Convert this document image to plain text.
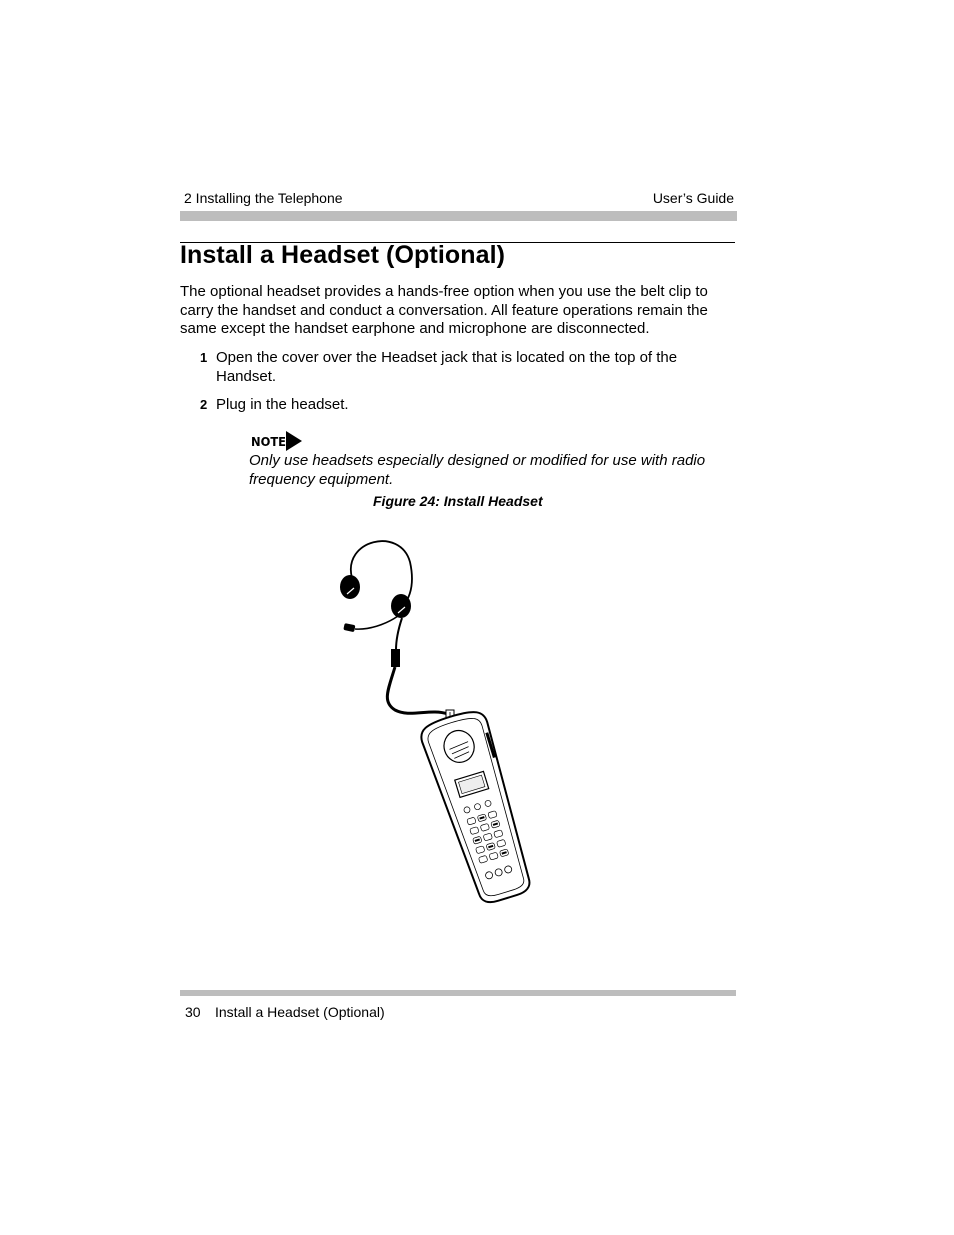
2 Installing the Telephone	User’s Guide
Install a Headset (Optional)

The optional headset provides a hands-free option when you use the belt clip to carry the handset and conduct a conversation. All feature operations remain the same except the handset earphone and microphone are disconnected.

1 Open the cover over the Headset jack that is located on the top of the Handset.
2 Plug in the headset.
NOTE

Only use headsets especially designed or modified for use with radio frequency equipment.

Figure 24: Install Headset
30 Install a Headset (Optional)
